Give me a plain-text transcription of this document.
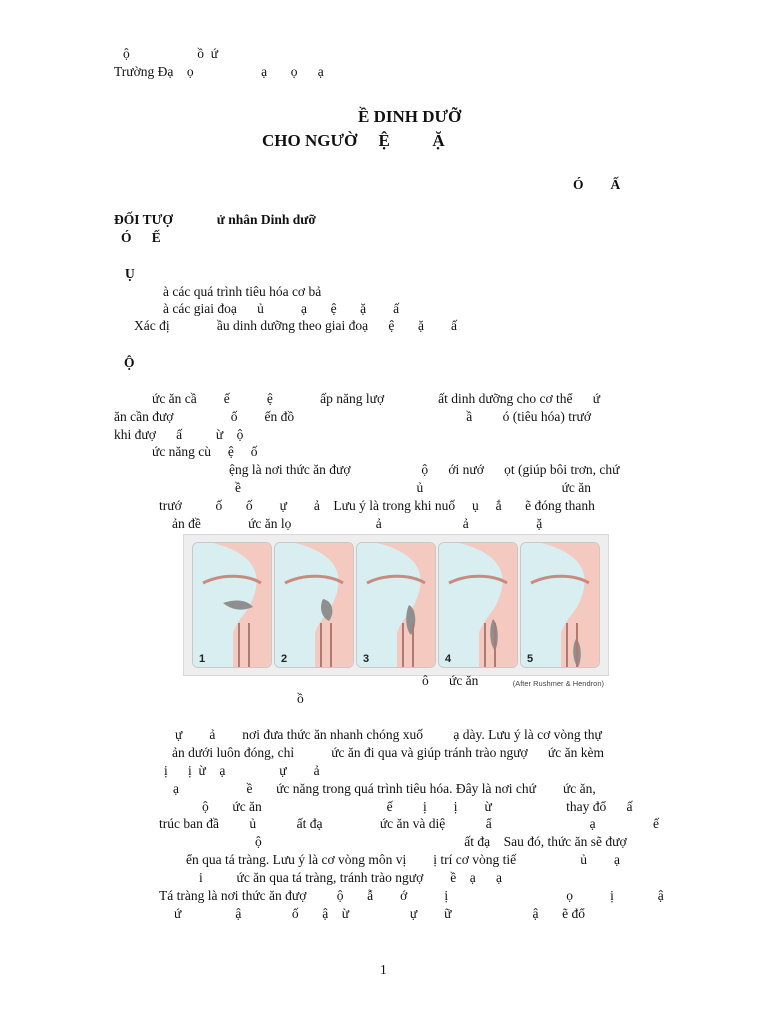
ộ                    ồ  ứ
Trường Đạ    ọ                    ạ       ọ      ạ
Ề DINH DƯỠ
CHO NGƯỜ     Ệ          Ặ
Ó        Ấ
ĐỐI TƯỢ             ử nhân Dinh dưỡ
Ó      Ế
Ụ
à các quá trình tiêu hóa cơ bả
à các giai đoạ      ủ           ạ       ệ       ặ        ấ
Xác đị              ầu dinh dưỡng theo giai đoạ      ệ       ặ        ấ
Ộ
ức ăn cầ        ế           ệ              ấp năng lượ                ất dinh dưỡng cho cơ thể      ứ
ăn cần đượ                 ố        ến đồ                                                   ầ         ó (tiêu hóa) trướ
khi đượ      ấ          ừ    ộ
ức năng cù     ệ     ố
ệng là nơi thức ăn đượ                     ộ      ới nướ      ọt (giúp bôi trơn, chứ
ề                                                    ủ                                         ức ăn
trướ          ố       ố        ự        ả    Lưu ý là trong khi nuố     ụ     ắ       ẽ đóng thanh
ản đề              ức ăn lọ                         ả                        ả                    ặ
1	2	3	4	5
(After Rushmer & Hendron)
ô      ức ăn
ồ
ự        ả        nơi đưa thức ăn nhanh chóng xuố         ạ dày. Lưu ý là cơ vòng thự
ản dưới luôn đóng, chỉ           ức ăn đi qua và giúp tránh trào ngượ      ức ăn kèm
ị      ị  ừ    ạ                ự        ả
ạ                    ề       ức năng trong quá trình tiêu hóa. Đây là nơi chứ        ức ăn,
ộ       ức ăn                                     ế         ị        ị        ừ                      thay đổ      ấ
trúc ban đầ         ủ            ất đạ                 ức ăn và diệ            ẩ                             ạ                 ế
ộ                                                            ất đạ    Sau đó, thức ăn sẽ đượ
ển qua tá tràng. Lưu ý là cơ vòng môn vị        ị trí cơ vòng tiế                   ủ        ạ
i          ức ăn qua tá tràng, tránh trào ngượ        ề    ạ      ạ
Tá tràng là nơi thức ăn đượ         ộ       ẫ        ớ           ị                                   ọ           ị             ậ
ứ                ậ               ố       ậ    ừ                  ự        ữ                        ậ       ẽ đổ
1
